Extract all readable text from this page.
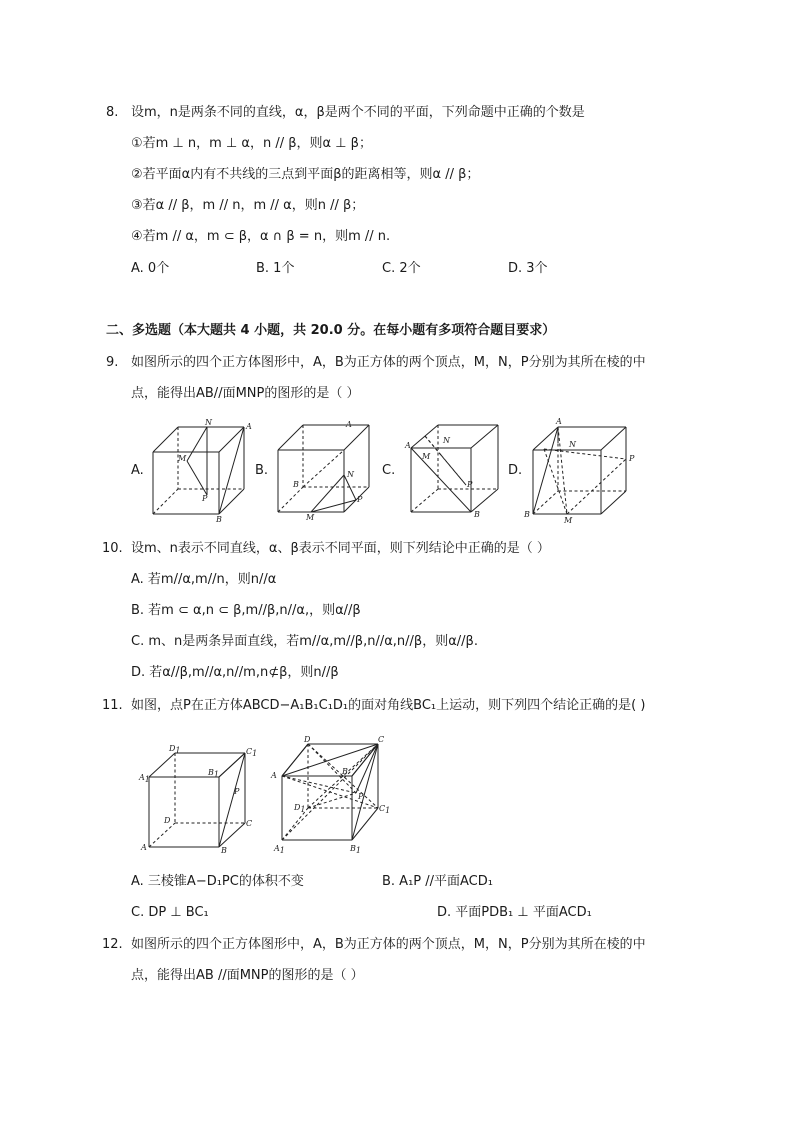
8. 设m，n是两条不同的直线，α，β是两个不同的平面，下列命题中正确的个数是
①若m ⊥ n，m ⊥ α，n // β，则α ⊥ β；
②若平面α内有不共线的三点到平面β的距离相等，则α // β；
③若α // β，m // n，m // α，则n // β；
④若m // α，m ⊂ β，α ∩ β = n，则m // n.
A. 0个	B. 1个	C. 2个	D. 3个
二、多选题（本大题共 4 小题，共 20.0 分。在每小题有多项符合题目要求）
9. 如图所示的四个正方体图形中，A，B为正方体的两个顶点，M，N，P分别为其所在棱的中
点，能得出AB//面MNP的图形的是（ ）
A.	B.	C.	D.
A
B
M
N
P
A
B
M
N
P
A
B
M
N
P
A
B
M
N
P
10. 设m、n表示不同直线，α、β表示不同平面，则下列结论中正确的是（ ）
A. 若m//α,m//n，则n//α
B. 若m ⊂ α,n ⊂ β,m//β,n//α,，则α//β
C. m、n是两条异面直线，若m//α,m//β,n//α,n//β，则α//β.
D. 若α//β,m//α,n//m,n⊄β，则n//β
11. 如图，点P在正方体ABCD−A₁B₁C₁D₁的面对角线BC₁上运动，则下列四个结论正确的是( )
D1	C1
A1
B1
P
D	C
A	B
D	C
A	B
P
D1	C1
A1	B1
A. 三棱锥A−D₁PC的体积不变	B. A₁P //平面ACD₁
C. DP ⊥ BC₁	D. 平面PDB₁ ⊥ 平面ACD₁
12. 如图所示的四个正方体图形中，A，B为正方体的两个顶点，M，N，P分别为其所在棱的中
点，能得出AB //面MNP的图形的是（ ）
